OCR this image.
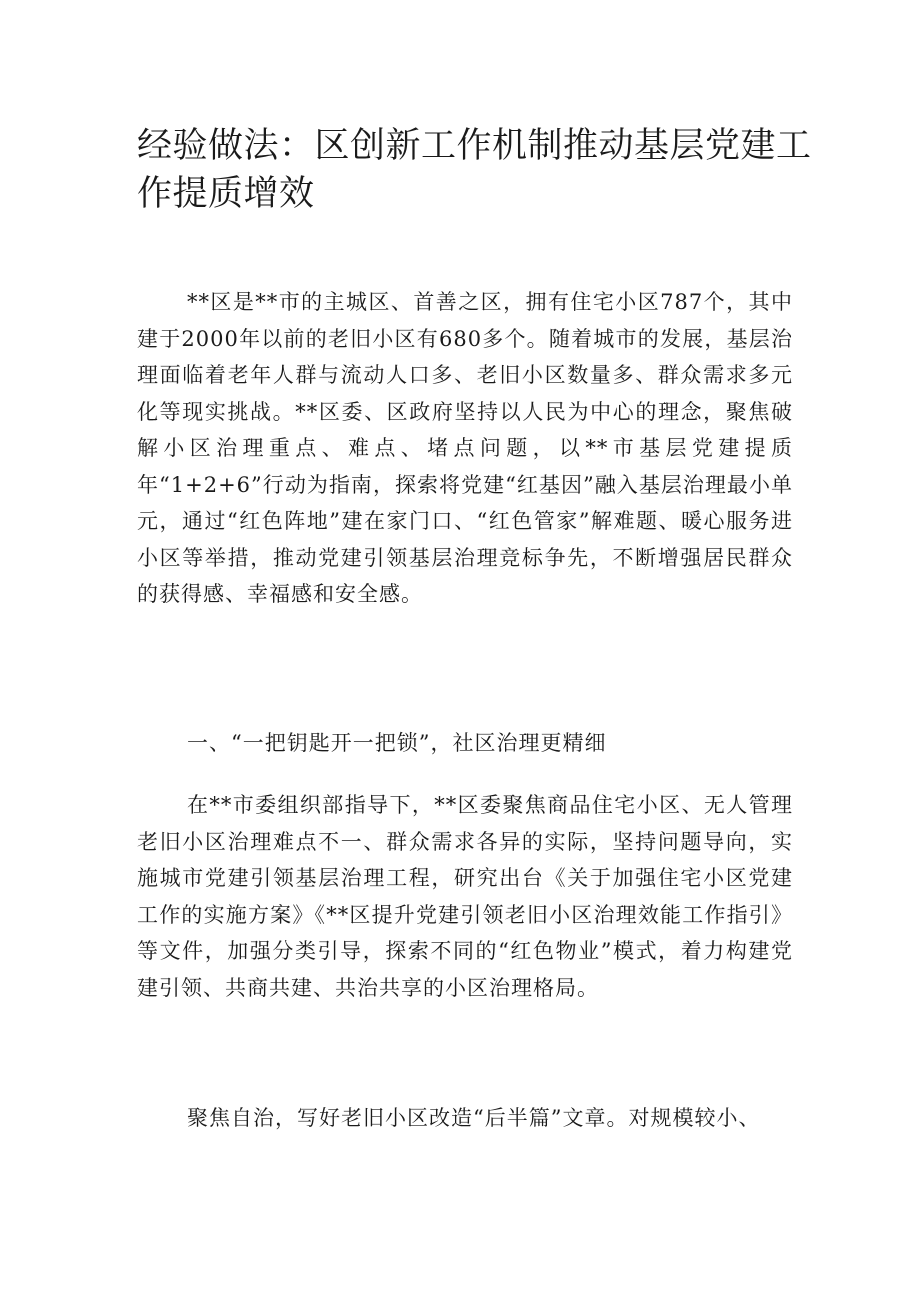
经验做法：区创新工作机制推动基层党建工作提质增效

**区是**市的主城区、首善之区，拥有住宅小区787个，其中建于2000年以前的老旧小区有680多个。随着城市的发展，基层治理面临着老年人群与流动人口多、老旧小区数量多、群众需求多元化等现实挑战。**区委、区政府坚持以人民为中心的理念，聚焦破解小区治理重点、难点、堵点问题，以**市基层党建提质年“1+2+6”行动为指南，探索将党建“红基因”融入基层治理最小单元，通过“红色阵地”建在家门口、“红色管家”解难题、暖心服务进小区等举措，推动党建引领基层治理竞标争先，不断增强居民群众的获得感、幸福感和安全感。

一、“一把钥匙开一把锁”，社区治理更精细

在**市委组织部指导下，**区委聚焦商品住宅小区、无人管理老旧小区治理难点不一、群众需求各异的实际，坚持问题导向，实施城市党建引领基层治理工程，研究出台《关于加强住宅小区党建工作的实施方案》《**区提升党建引领老旧小区治理效能工作指引》等文件，加强分类引导，探索不同的“红色物业”模式，着力构建党建引领、共商共建、共治共享的小区治理格局。

聚焦自治，写好老旧小区改造“后半篇”文章。对规模较小、
